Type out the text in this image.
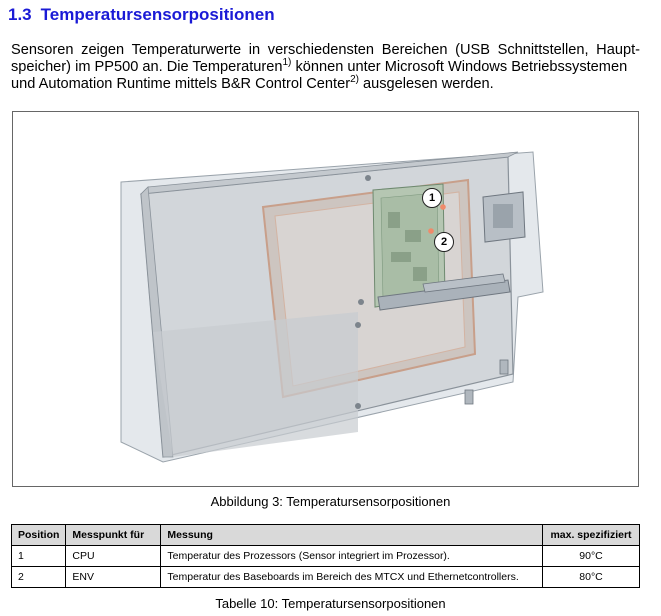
1.3 Temperatursensorpositionen
Sensoren zeigen Temperaturwerte in verschiedensten Bereichen (USB Schnittstellen, Haupt-
speicher) im PP500 an. Die Temperaturen$^{1)}$ können unter Microsoft Windows Betriebssystemen
und Automation Runtime mittels B&R Control Center$^{2)}$ ausgelesen werden.
1
2
Abbildung 3: Temperatursensorpositionen
Position	Messpunkt für	Messung	max. spezifiziert
1	CPU	Temperatur des Prozessors (Sensor integriert im Prozessor).	90°C
2	ENV	Temperatur des Baseboards im Bereich des MTCX und Ethernetcontrollers.	80°C
Tabelle 10: Temperatursensorpositionen
